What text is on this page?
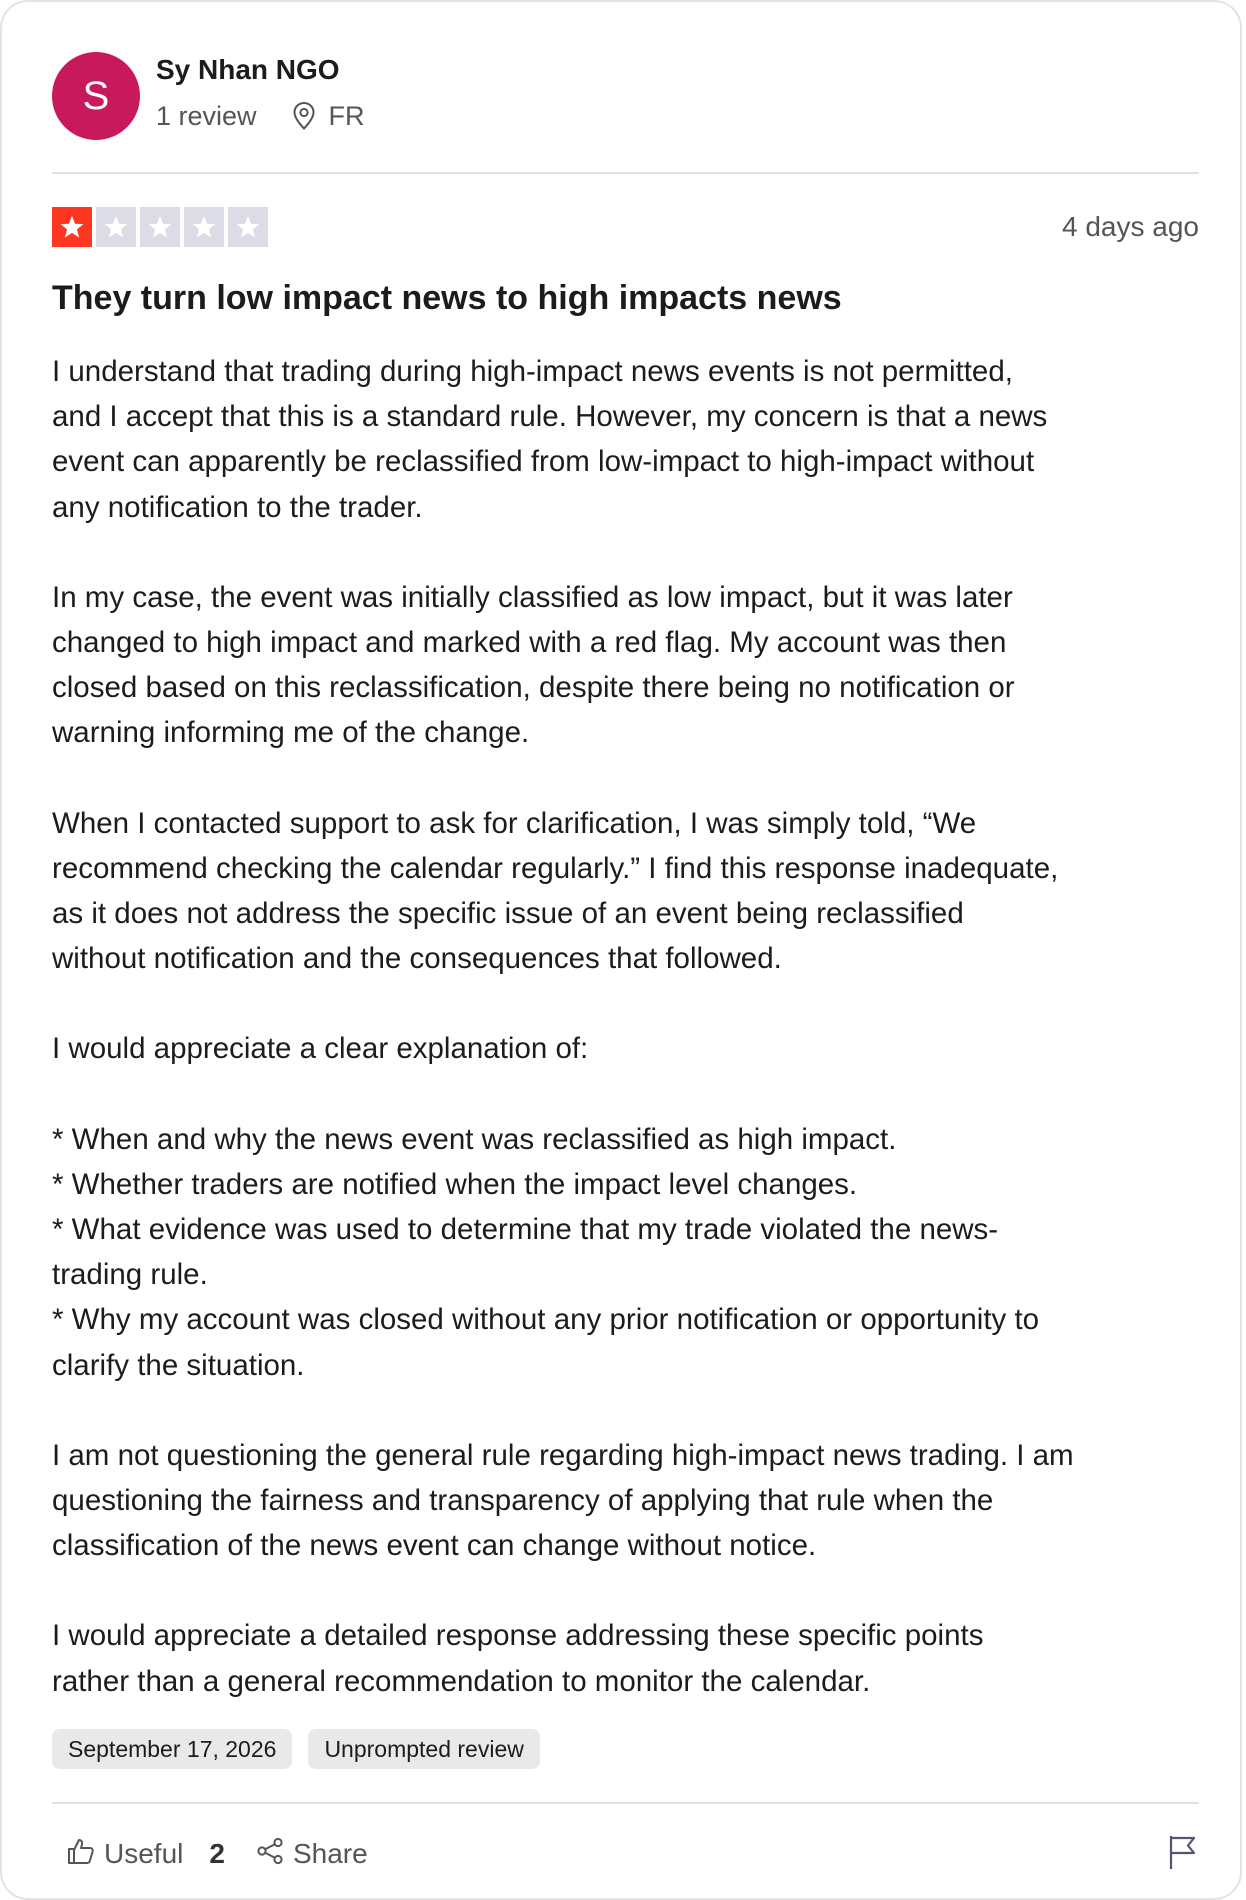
S
Sy Nhan NGO
1 review	FR
4 days ago
They turn low impact news to high impacts news
I understand that trading during high-impact news events is not permitted,
and I accept that this is a standard rule. However, my concern is that a news
event can apparently be reclassified from low-impact to high-impact without
any notification to the trader.
In my case, the event was initially classified as low impact, but it was later
changed to high impact and marked with a red flag. My account was then
closed based on this reclassification, despite there being no notification or
warning informing me of the change.
When I contacted support to ask for clarification, I was simply told, “We
recommend checking the calendar regularly.” I find this response inadequate,
as it does not address the specific issue of an event being reclassified
without notification and the consequences that followed.
I would appreciate a clear explanation of:
* When and why the news event was reclassified as high impact.
* Whether traders are notified when the impact level changes.
* What evidence was used to determine that my trade violated the news-
trading rule.
* Why my account was closed without any prior notification or opportunity to
clarify the situation.
I am not questioning the general rule regarding high-impact news trading. I am
questioning the fairness and transparency of applying that rule when the
classification of the news event can change without notice.
I would appreciate a detailed response addressing these specific points
rather than a general recommendation to monitor the calendar.
September 17, 2026	Unprompted review
Useful 2 Share
